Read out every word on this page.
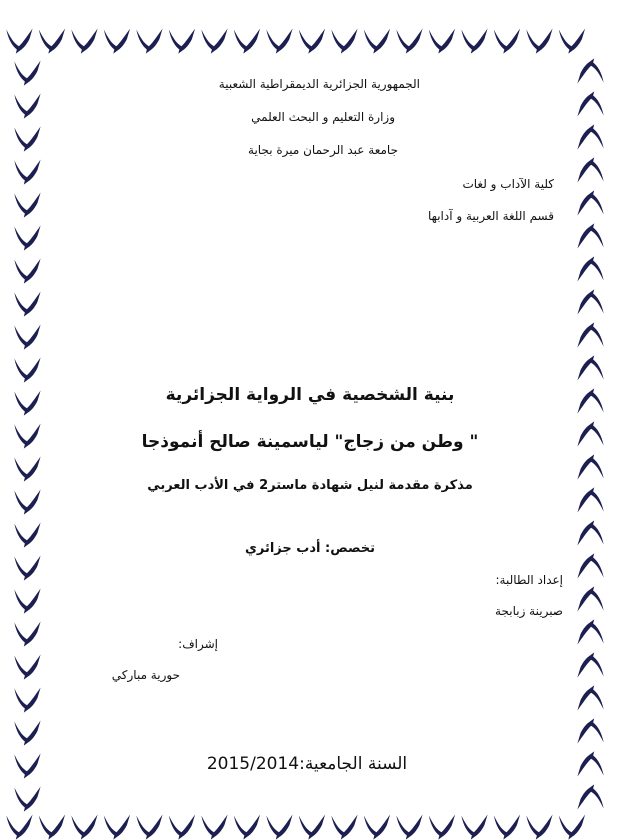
الجمهورية الجزائرية الديمقراطية الشعبية
وزارة التعليم و البحث العلمي
جامعة عبد الرحمان ميرة بجاية
كلية الآداب و لغات
قسم اللغة العربية و آدابها
بنية الشخصية في الرواية الجزائرية
" وطن من زجاج" لياسمينة صالح أنموذجا
مذكرة مقدمة لنيل شهادة ماستر2 في الأدب العربي
تخصص: أدب جزائري
إعداد الطالبة:
صبرينة زبابجة
إشراف:
حورية مباركي
السنة الجامعية:2015/2014
